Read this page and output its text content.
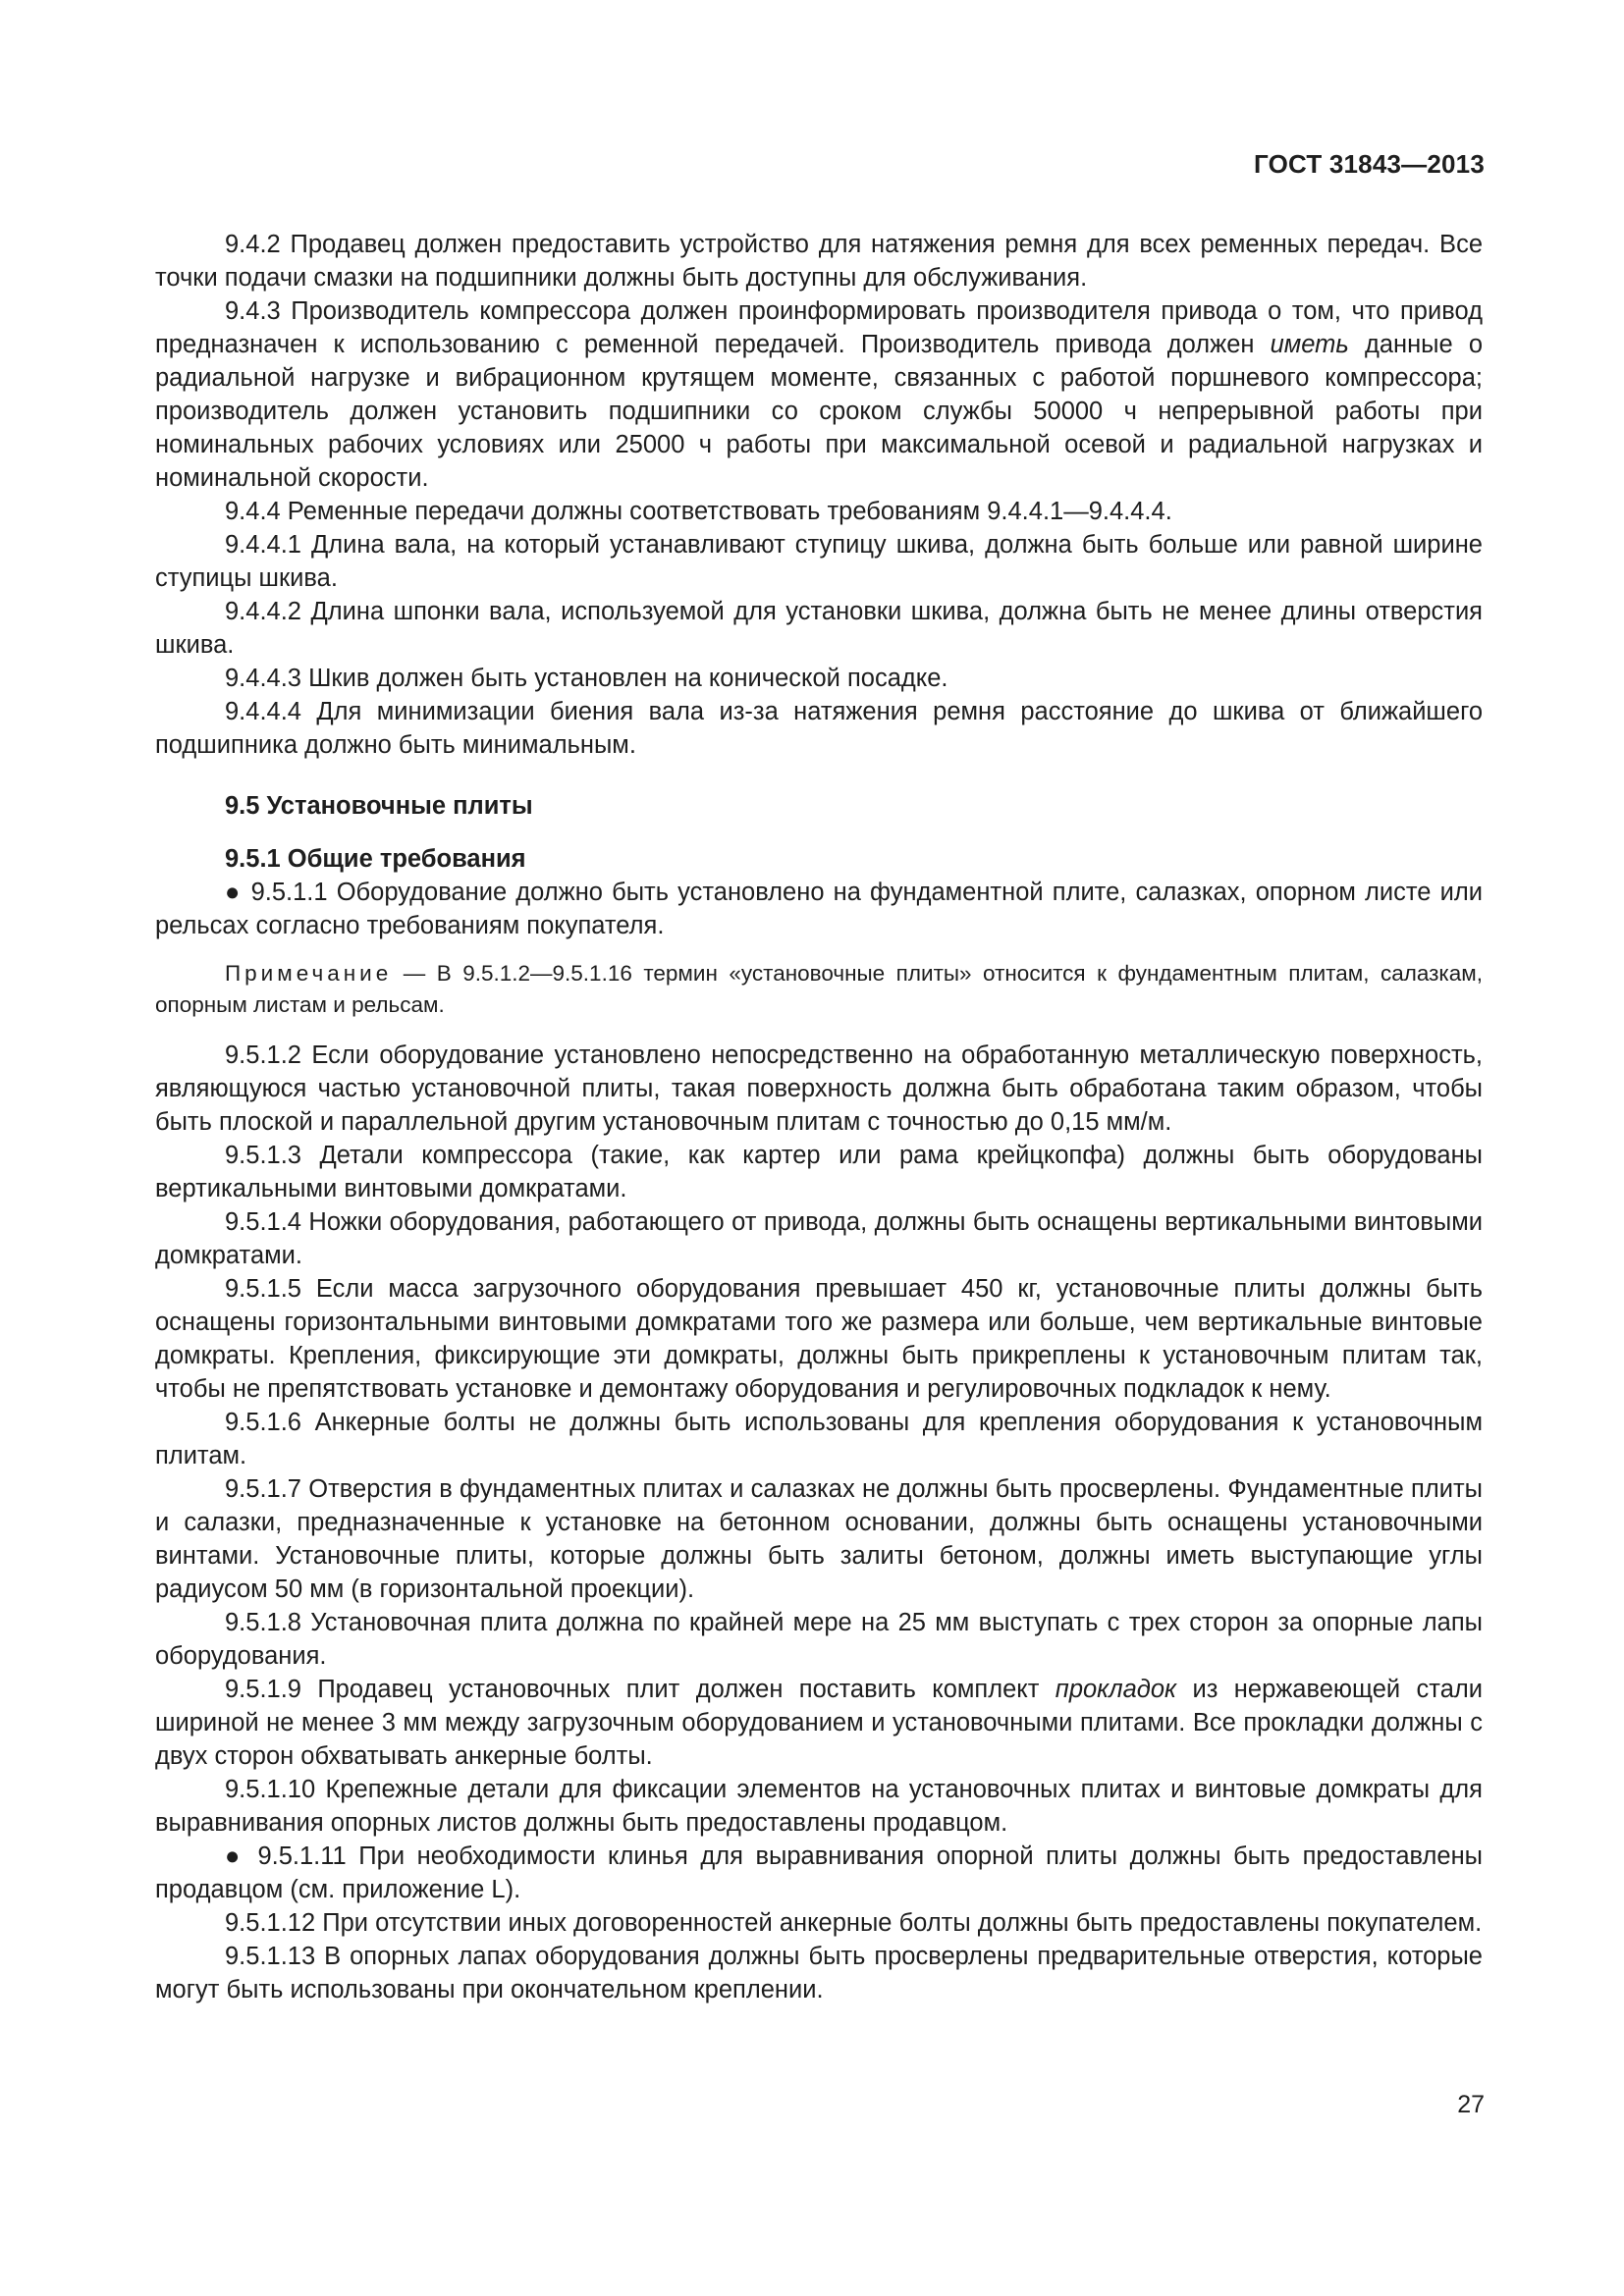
ГОСТ 31843—2013

9.4.2 Продавец должен предоставить устройство для натяжения ремня для всех ременных передач. Все точки подачи смазки на подшипники должны быть доступны для обслуживания.

9.4.3 Производитель компрессора должен проинформировать производителя привода о том, что привод предназначен к использованию с ременной передачей. Производитель привода должен иметь данные о радиальной нагрузке и вибрационном крутящем моменте, связанных с работой поршневого компрессора; производитель должен установить подшипники со сроком службы 50000 ч непрерывной работы при номинальных рабочих условиях или 25000 ч работы при максимальной осевой и радиальной нагрузках и номинальной скорости.

9.4.4 Ременные передачи должны соответствовать требованиям 9.4.4.1—9.4.4.4.

9.4.4.1 Длина вала, на который устанавливают ступицу шкива, должна быть больше или равной ширине ступицы шкива.

9.4.4.2 Длина шпонки вала, используемой для установки шкива, должна быть не менее длины отверстия шкива.

9.4.4.3 Шкив должен быть установлен на конической посадке.

9.4.4.4 Для минимизации биения вала из-за натяжения ремня расстояние до шкива от ближайшего подшипника должно быть минимальным.

9.5 Установочные плиты
9.5.1 Общие требования

● 9.5.1.1 Оборудование должно быть установлено на фундаментной плите, салазках, опорном листе или рельсах согласно требованиям покупателя.

Примечание — В 9.5.1.2—9.5.1.16 термин «установочные плиты» относится к фундаментным плитам, салазкам, опорным листам и рельсам.

9.5.1.2 Если оборудование установлено непосредственно на обработанную металлическую поверхность, являющуюся частью установочной плиты, такая поверхность должна быть обработана таким образом, чтобы быть плоской и параллельной другим установочным плитам с точностью до 0,15 мм/м.

9.5.1.3 Детали компрессора (такие, как картер или рама крейцкопфа) должны быть оборудованы вертикальными винтовыми домкратами.

9.5.1.4 Ножки оборудования, работающего от привода, должны быть оснащены вертикальными винтовыми домкратами.

9.5.1.5 Если масса загрузочного оборудования превышает 450 кг, установочные плиты должны быть оснащены горизонтальными винтовыми домкратами того же размера или больше, чем вертикальные винтовые домкраты. Крепления, фиксирующие эти домкраты, должны быть прикреплены к установочным плитам так, чтобы не препятствовать установке и демонтажу оборудования и регулировочных подкладок к нему.

9.5.1.6 Анкерные болты не должны быть использованы для крепления оборудования к установочным плитам.

9.5.1.7 Отверстия в фундаментных плитах и салазках не должны быть просверлены. Фундаментные плиты и салазки, предназначенные к установке на бетонном основании, должны быть оснащены установочными винтами. Установочные плиты, которые должны быть залиты бетоном, должны иметь выступающие углы радиусом 50 мм (в горизонтальной проекции).

9.5.1.8 Установочная плита должна по крайней мере на 25 мм выступать с трех сторон за опорные лапы оборудования.

9.5.1.9 Продавец установочных плит должен поставить комплект прокладок из нержавеющей стали шириной не менее 3 мм между загрузочным оборудованием и установочными плитами. Все прокладки должны с двух сторон обхватывать анкерные болты.

9.5.1.10 Крепежные детали для фиксации элементов на установочных плитах и винтовые домкраты для выравнивания опорных листов должны быть предоставлены продавцом.

● 9.5.1.11 При необходимости клинья для выравнивания опорной плиты должны быть предоставлены продавцом (см. приложение L).

9.5.1.12 При отсутствии иных договоренностей анкерные болты должны быть предоставлены покупателем.

9.5.1.13 В опорных лапах оборудования должны быть просверлены предварительные отверстия, которые могут быть использованы при окончательном креплении.

27
